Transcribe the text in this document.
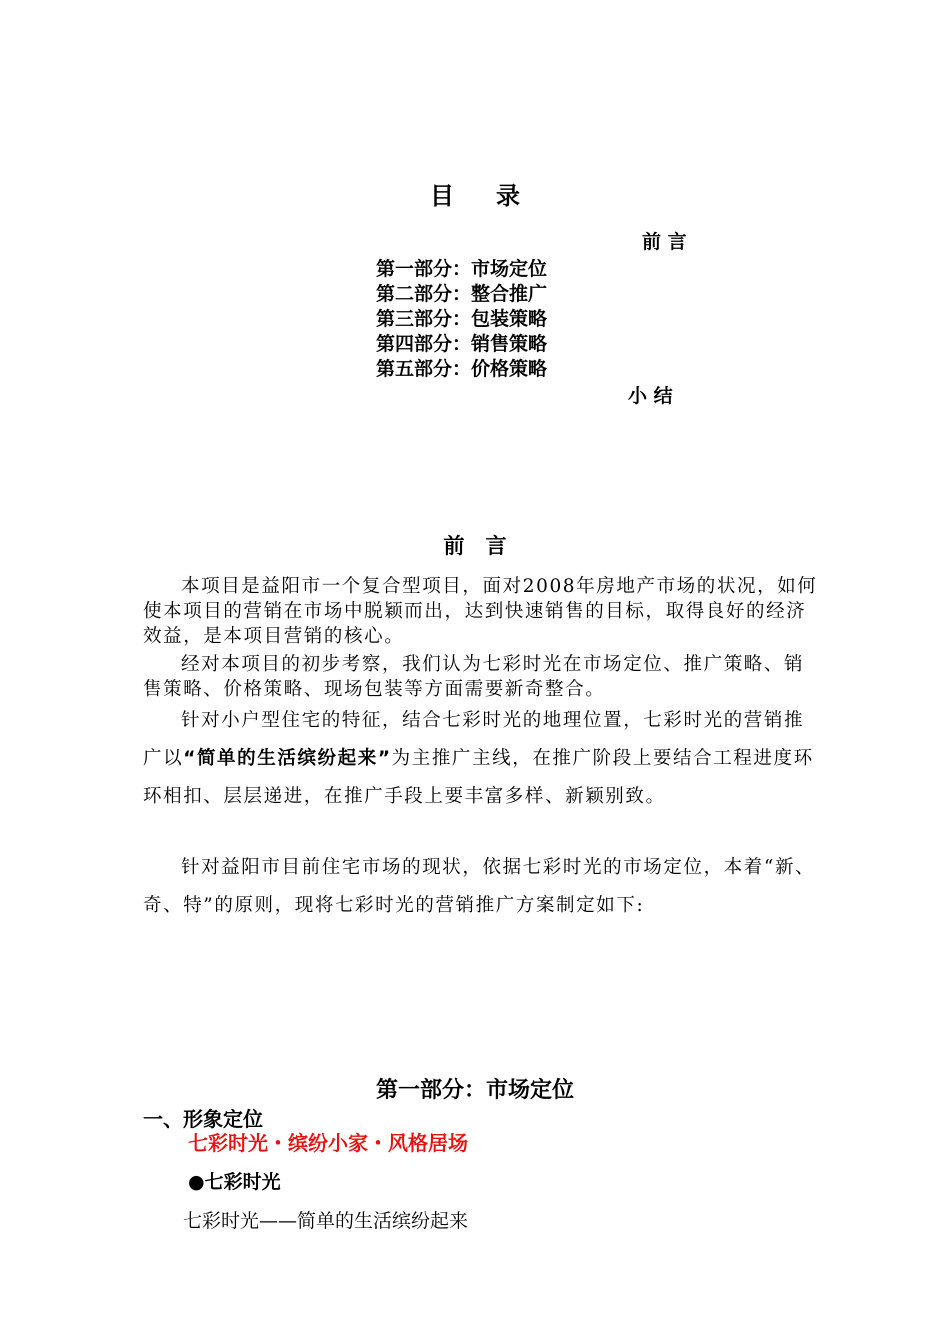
目 录
前 言
第一部分：市场定位
第二部分：整合推广
第三部分：包装策略
第四部分：销售策略
第五部分：价格策略
小 结
前　言
本项目是益阳市一个复合型项目，面对2008年房地产市场的状况，如何使本项目的营销在市场中脱颖而出，达到快速销售的目标，取得良好的经济效益，是本项目营销的核心。
经对本项目的初步考察，我们认为七彩时光在市场定位、推广策略、销售策略、价格策略、现场包装等方面需要新奇整合。
针对小户型住宅的特征，结合七彩时光的地理位置，七彩时光的营销推广以“简单的生活缤纷起来”为主推广主线，在推广阶段上要结合工程进度环环相扣、层层递进，在推广手段上要丰富多样、新颖别致。
针对益阳市目前住宅市场的现状，依据七彩时光的市场定位，本着“新、奇、特”的原则，现将七彩时光的营销推广方案制定如下:
第一部分：市场定位
一、形象定位
七彩时光・缤纷小家・风格居场
●七彩时光
七彩时光——简单的生活缤纷起来
